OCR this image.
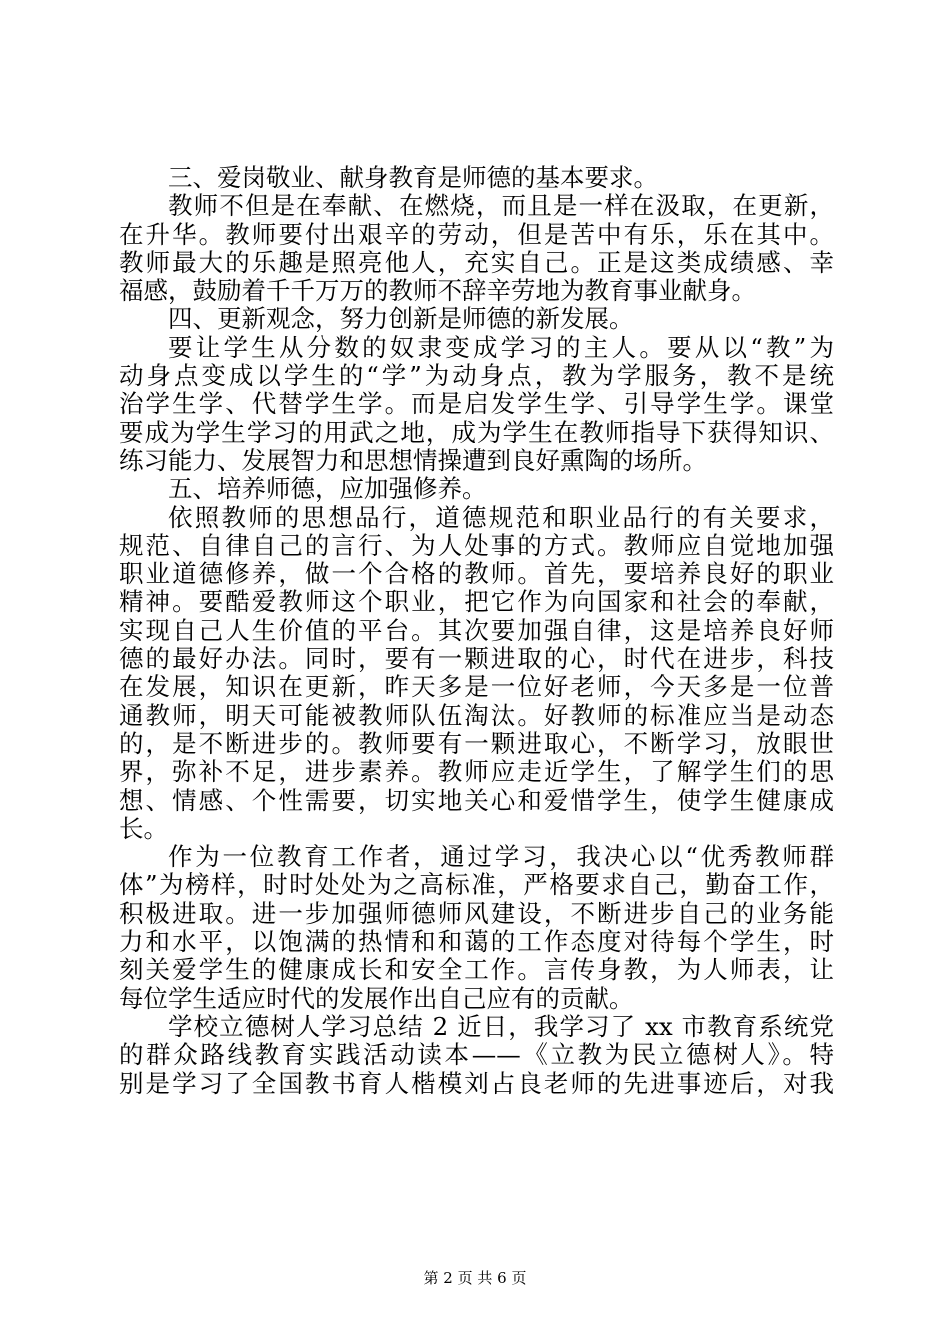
三、爱岗敬业、献身教育是师德的基本要求。
教师不但是在奉献、在燃烧，而且是一样在汲取，在更新，
在升华。教师要付出艰辛的劳动，但是苦中有乐，乐在其中。
教师最大的乐趣是照亮他人，充实自己。正是这类成绩感、幸
福感，鼓励着千千万万的教师不辞辛劳地为教育事业献身。
四、更新观念，努力创新是师德的新发展。
要让学生从分数的奴隶变成学习的主人。要从以“教”为
动身点变成以学生的“学”为动身点，教为学服务，教不是统
治学生学、代替学生学。而是启发学生学、引导学生学。课堂
要成为学生学习的用武之地，成为学生在教师指导下获得知识、
练习能力、发展智力和思想情操遭到良好熏陶的场所。
五、培养师德，应加强修养。
依照教师的思想品行，道德规范和职业品行的有关要求，
规范、自律自己的言行、为人处事的方式。教师应自觉地加强
职业道德修养，做一个合格的教师。首先，要培养良好的职业
精神。要酷爱教师这个职业，把它作为向国家和社会的奉献，
实现自己人生价值的平台。其次要加强自律，这是培养良好师
德的最好办法。同时，要有一颗进取的心，时代在进步，科技
在发展，知识在更新，昨天多是一位好老师，今天多是一位普
通教师，明天可能被教师队伍淘汰。好教师的标准应当是动态
的，是不断进步的。教师要有一颗进取心，不断学习，放眼世
界，弥补不足，进步素养。教师应走近学生，了解学生们的思
想、情感、个性需要，切实地关心和爱惜学生，使学生健康成
长。
作为一位教育工作者，通过学习，我决心以“优秀教师群
体”为榜样，时时处处为之高标准，严格要求自己，勤奋工作，
积极进取。进一步加强师德师风建设，不断进步自己的业务能
力和水平，以饱满的热情和和蔼的工作态度对待每个学生，时
刻关爱学生的健康成长和安全工作。言传身教，为人师表，让
每位学生适应时代的发展作出自己应有的贡献。
学校立德树人学习总结 2 近日，我学习了 xx 市教育系统党
的群众路线教育实践活动读本——《立教为民立德树人》。特
别是学习了全国教书育人楷模刘占良老师的先进事迹后，对我
第 2 页 共 6 页
